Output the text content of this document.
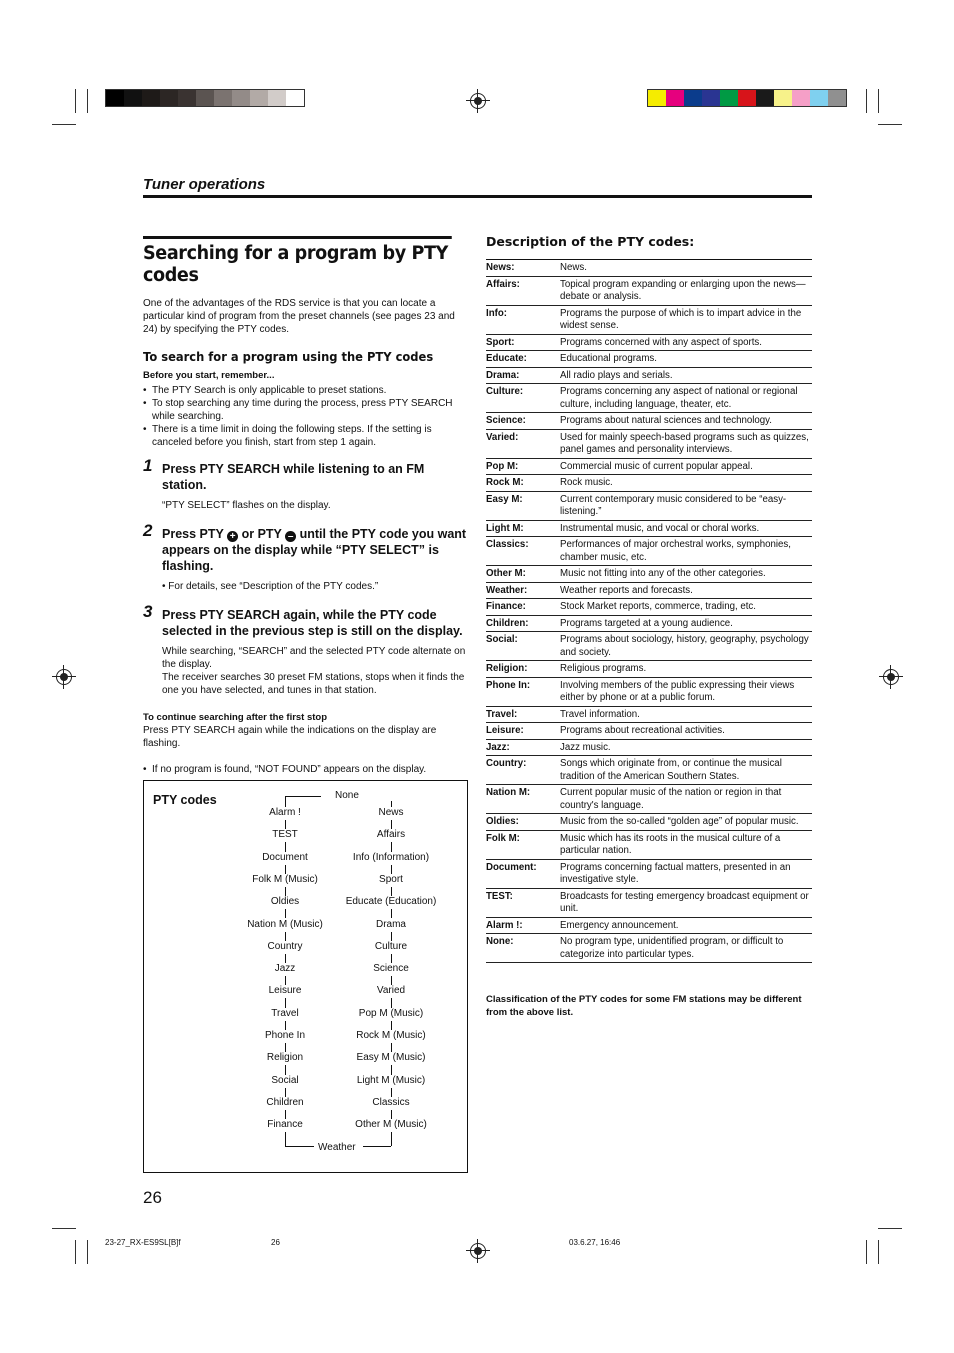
Tuner operations
Searching for a program by PTY codes

One of the advantages of the RDS service is that you can locate a particular kind of program from the preset channels (see pages 23 and 24) by specifying the PTY codes.

To search for a program using the PTY codes
Before you start, remember...
• The PTY Search is only applicable to preset stations.
• To stop searching any time during the process, press PTY SEARCH while searching.
• There is a time limit in doing the following steps. If the setting is canceled before you finish, start from step 1 again.
1 Press PTY SEARCH while listening to an FM station.
“PTY SELECT” flashes on the display.
2 Press PTY + or PTY – until the PTY code you want appears on the display while “PTY SELECT” is flashing.
• For details, see “Description of the PTY codes.”
3 Press PTY SEARCH again, while the PTY code selected in the previous step is still on the display.
While searching, “SEARCH” and the selected PTY code alternate on the display.
The receiver searches 30 preset FM stations, stops when it finds the one you have selected, and tunes in that station.
To continue searching after the first stop
Press PTY SEARCH again while the indications on the display are flashing.
• If no program is found, “NOT FOUND” appears on the display.
PTY codes	None
Weather
Alarm !
TEST
Document
Folk M (Music)
Oldies
Nation M (Music)
Country
Jazz
Leisure
Travel
Phone In
Religion
Social
Children
Finance
News
Affairs
Info (Information)
Sport
Educate (Education)
Drama
Culture
Science
Varied
Pop M (Music)
Rock M (Music)
Easy M (Music)
Light M (Music)
Classics
Other M (Music)
Description of the PTY codes:
News:	News.
Affairs:	Topical program expanding or enlarging upon the news—debate or analysis.
Info:	Programs the purpose of which is to impart advice in the widest sense.
Sport:	Programs concerned with any aspect of sports.
Educate:	Educational programs.
Drama:	All radio plays and serials.
Culture:	Programs concerning any aspect of national or regional culture, including language, theater, etc.
Science:	Programs about natural sciences and technology.
Varied:	Used for mainly speech-based programs such as quizzes, panel games and personality interviews.
Pop M:	Commercial music of current popular appeal.
Rock M:	Rock music.
Easy M:	Current contemporary music considered to be “easy-listening.”
Light M:	Instrumental music, and vocal or choral works.
Classics:	Performances of major orchestral works, symphonies, chamber music, etc.
Other M:	Music not fitting into any of the other categories.
Weather:	Weather reports and forecasts.
Finance:	Stock Market reports, commerce, trading, etc.
Children:	Programs targeted at a young audience.
Social:	Programs about sociology, history, geography, psychology and society.
Religion:	Religious programs.
Phone In:	Involving members of the public expressing their views either by phone or at a public forum.
Travel:	Travel information.
Leisure:	Programs about recreational activities.
Jazz:	Jazz music.
Country:	Songs which originate from, or continue the musical tradition of the American Southern States.
Nation M:	Current popular music of the nation or region in that country's language.
Oldies:	Music from the so-called “golden age” of popular music.
Folk M:	Music which has its roots in the musical culture of a particular nation.
Document:	Programs concerning factual matters, presented in an investigative style.
TEST:	Broadcasts for testing emergency broadcast equipment or unit.
Alarm !:	Emergency announcement.
None:	No program type, unidentified program, or difficult to categorize into particular types.
Classification of the PTY codes for some FM stations may be different from the above list.
26
23-27_RX-ES9SL[B]f	26	03.6.27, 16:46
